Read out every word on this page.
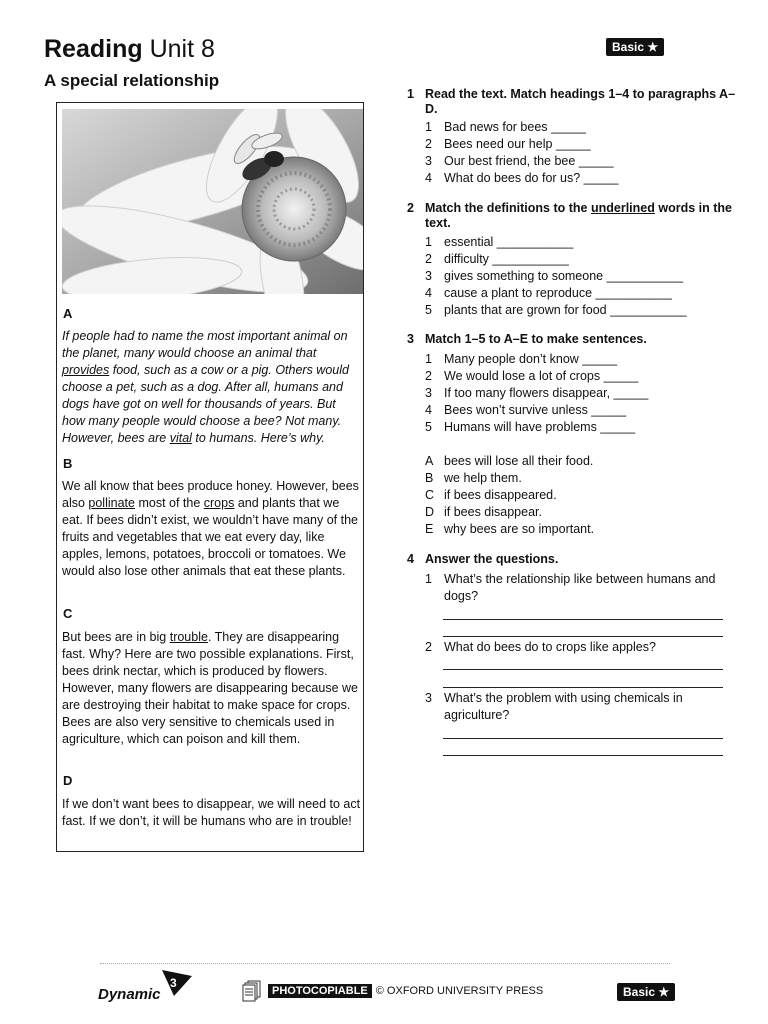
Reading Unit 8
A special relationship
Basic ★
A

If people had to name the most important animal on the planet, many would choose an animal that provides food, such as a cow or a pig. Others would choose a pet, such as a dog. After all, humans and dogs have got on well for thousands of years. But how many people would choose a bee? Not many. However, bees are vital to humans. Here’s why.

B

We all know that bees produce honey. However, bees also pollinate most of the crops and plants that we eat. If bees didn’t exist, we wouldn’t have many of the fruits and vegetables that we eat every day, like apples, lemons, potatoes, broccoli or tomatoes. We would also lose other animals that eat these plants.

C

But bees are in big trouble. They are disappearing fast. Why? Here are two possible explanations. First, bees drink nectar, which is produced by flowers. However, many flowers are disappearing because we are destroying their habitat to make space for crops. Bees are also very sensitive to chemicals used in agriculture, which can poison and kill them.

D

If we don’t want bees to disappear, we will need to act fast. If we don’t, it will be humans who are in trouble!

1 Read the text. Match headings 1–4 to paragraphs A–D.
1 Bad news for bees _____
2 Bees need our help _____
3 Our best friend, the bee _____
4 What do bees do for us? _____
2 Match the definitions to the underlined words in the text.
1 essential ___________
2 difficulty ___________
3 gives something to someone ___________
4 cause a plant to reproduce ___________
5 plants that are grown for food ___________
3 Match 1–5 to A–E to make sentences.
1 Many people don’t know _____
2 We would lose a lot of crops _____
3 If too many flowers disappear, _____
4 Bees won’t survive unless _____
5 Humans will have problems _____
A bees will lose all their food.
B we help them.
C if bees disappeared.
D if bees disappear.
E why bees are so important.
4 Answer the questions.
1 What’s the relationship like between humans and dogs?
2 What do bees do to crops like apples?
3 What’s the problem with using chemicals in agriculture?
3
Dynamic	PHOTOCOPIABLE © OXFORD UNIVERSITY PRESS	Basic ★
